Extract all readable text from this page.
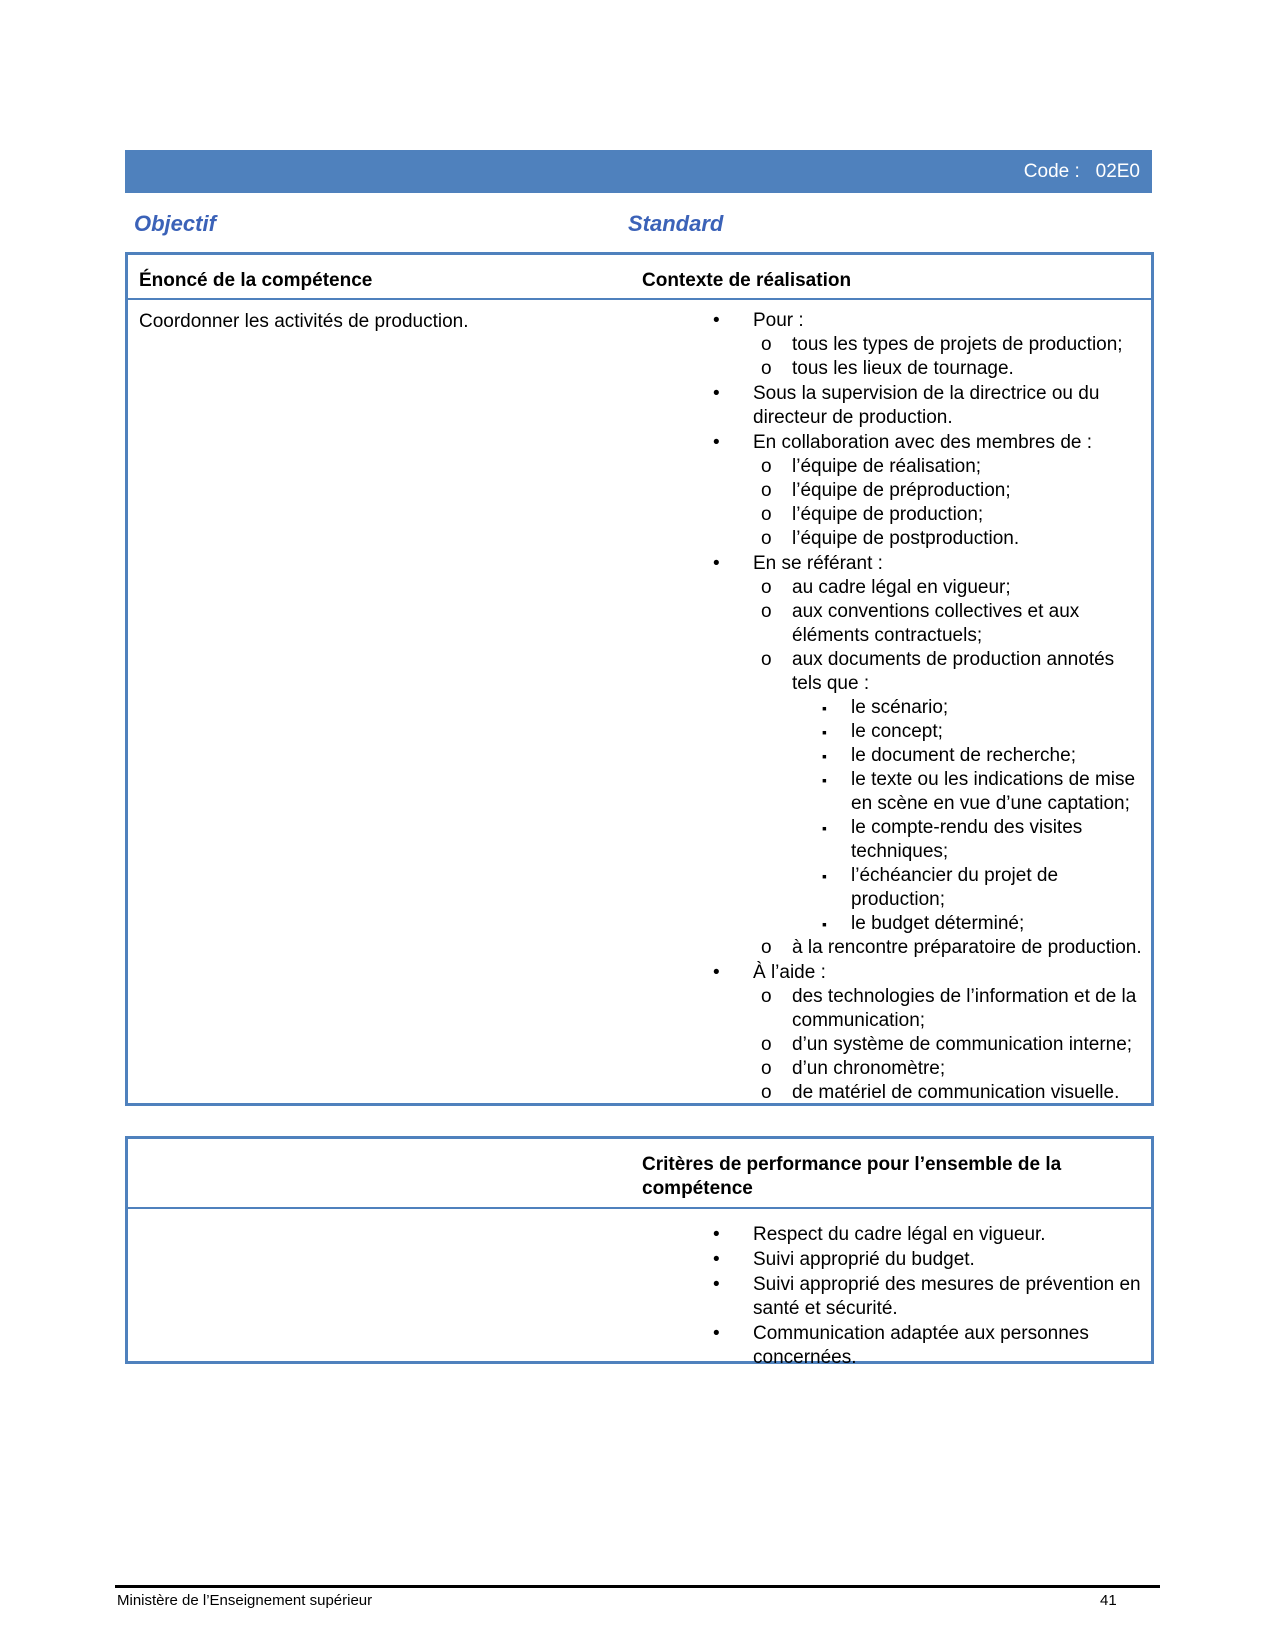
Code : 02E0
Objectif	Standard
Énoncé de la compétence	Contexte de réalisation
Coordonner les activités de production.	•	Pour :
o tous les types de projets de production;
o tous les lieux de tournage.
•	Sous la supervision de la directrice ou du directeur de production.
•	En collaboration avec des membres de :
o l’équipe de réalisation;
o l’équipe de préproduction;
o l’équipe de production;
o l’équipe de postproduction.
•	En se référant :
o au cadre légal en vigueur;
o aux conventions collectives et aux éléments contractuels;
o aux documents de production annotés tels que :
▪ le scénario;
▪ le concept;
▪ le document de recherche;
▪ le texte ou les indications de mise en scène en vue d’une captation;
▪ le compte-rendu des visites techniques;
▪ l’échéancier du projet de production;
▪ le budget déterminé;
o à la rencontre préparatoire de production.
•	À l’aide :
o des technologies de l’information et de la communication;
o d’un système de communication interne;
o d’un chronomètre;
o de matériel de communication visuelle.
Critères de performance pour l’ensemble de la compétence
•	Respect du cadre légal en vigueur.
•	Suivi approprié du budget.
•	Suivi approprié des mesures de prévention en santé et sécurité.
•	Communication adaptée aux personnes concernées.
Ministère de l’Enseignement supérieur	41
